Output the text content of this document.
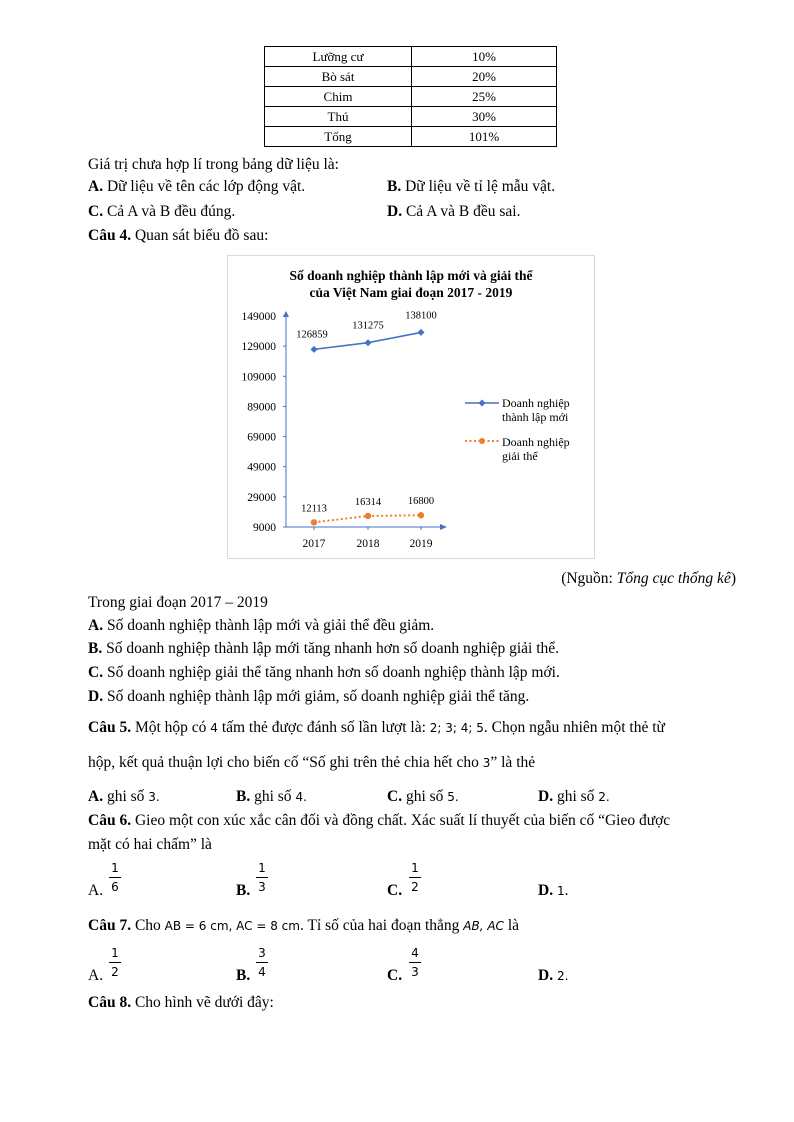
Lưỡng cư	10%
Bò sát	20%
Chim	25%
Thú	30%
Tổng	101%
Giá trị chưa hợp lí trong bảng dữ liệu là:
A. Dữ liệu về tên các lớp động vật.	B. Dữ liệu về tỉ lệ mẫu vật.
C. Cả A và B đều đúng.	D. Cả A và B đều sai.
Câu 4. Quan sát biểu đồ sau:
Số doanh nghiệp thành lập mới và giải thể
của Việt Nam giai đoạn 2017 - 2019
149000
129000
109000
89000
69000
49000
29000
9000
2017	2018	2019
126859
131275
138100
12113
16314	16800
Doanh nghiệp
thành lập mới
Doanh nghiệp
giải thể
(Nguồn: Tổng cục thống kê)
Trong giai đoạn 2017 – 2019
A. Số doanh nghiệp thành lập mới và giải thể đều giảm.
B. Số doanh nghiệp thành lập mới tăng nhanh hơn số doanh nghiệp giải thể.
C. Số doanh nghiệp giải thể tăng nhanh hơn số doanh nghiệp thành lập mới.
D. Số doanh nghiệp thành lập mới giảm, số doanh nghiệp giải thể tăng.
Câu 5. Một hộp có 4 tấm thẻ được đánh số lần lượt là: 2; 3; 4; 5. Chọn ngẫu nhiên một thẻ từ
hộp, kết quả thuận lợi cho biến cố “Số ghi trên thẻ chia hết cho 3” là thẻ
A. ghi số 3.	B. ghi số 4.	C. ghi số 5.	D. ghi số 2.
Câu 6. Gieo một con xúc xắc cân đối và đồng chất. Xác suất lí thuyết của biến cố “Gieo được
mặt có hai chấm” là
A.
1
6	B.
1
3	C.
1
2	D. 1.
Câu 7. Cho AB = 6 cm, AC = 8 cm. Tỉ số của hai đoạn thẳng AB, AC là
A.
1
2	B.
3
4	C.
4
3	D. 2.
Câu 8. Cho hình vẽ dưới đây:
